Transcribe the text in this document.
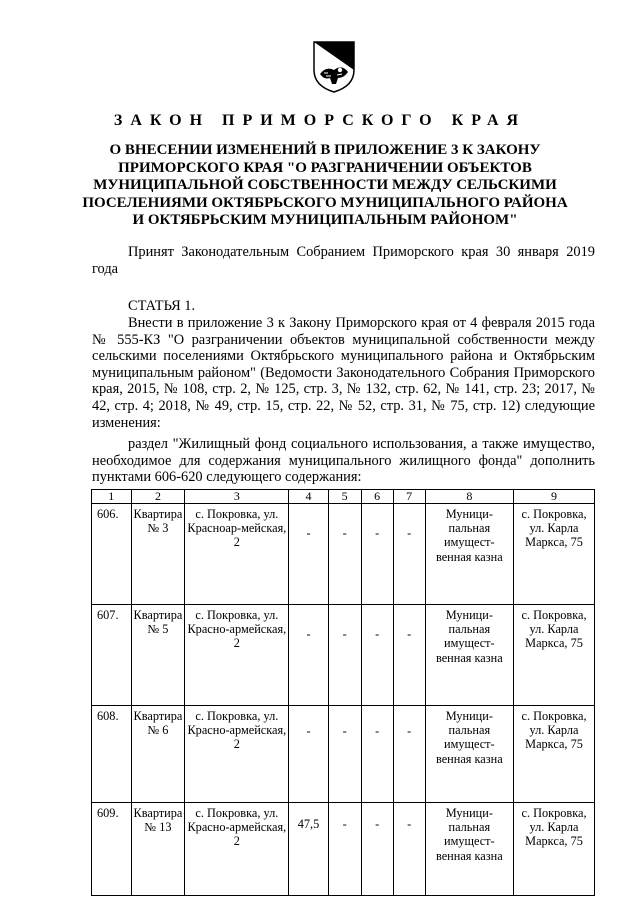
ЗАКОН ПРИМОРСКОГО КРАЯ
О ВНЕСЕНИИ ИЗМЕНЕНИЙ В ПРИЛОЖЕНИЕ 3 К ЗАКОНУ
ПРИМОРСКОГО КРАЯ "О РАЗГРАНИЧЕНИИ ОБЪЕКТОВ
МУНИЦИПАЛЬНОЙ СОБСТВЕННОСТИ МЕЖДУ СЕЛЬСКИМИ
ПОСЕЛЕНИЯМИ ОКТЯБРЬСКОГО МУНИЦИПАЛЬНОГО РАЙОНА
И ОКТЯБРЬСКИМ МУНИЦИПАЛЬНЫМ РАЙОНОМ"
Принят Законодательным Собранием Приморского края 30 января 2019 года
СТАТЬЯ 1.
Внести в приложение 3 к Закону Приморского края от 4 февраля 2015 года № 555-КЗ "О разграничении объектов муниципальной собственности между сельскими поселениями Октябрьского муниципального района и Октябрьским муниципальным районом" (Ведомости Законодательного Собрания Приморского края, 2015, № 108, стр. 2, № 125, стр. 3, № 132, стр. 62, № 141, стр. 23; 2017, № 42, стр. 4; 2018, № 49, стр. 15, стр. 22, № 52, стр. 31, № 75, стр. 12) следующие изменения:
раздел "Жилищный фонд социального использования, а также имущество, необходимое для содержания муниципального жилищного фонда" дополнить пунктами 606-620 следующего содержания:
1	2	3	4	5	6	7	8	9
606.	Квартира № 3	с. Покровка, ул. Красноар-мейская, 2	-	-	-	-	Муници-пальная имущест-венная казна	с. Покровка, ул. Карла Маркса, 75
607.	Квартира № 5	с. Покровка, ул. Красно-армейская, 2	-	-	-	-	Муници-пальная имущест-венная казна	с. Покровка, ул. Карла Маркса, 75
608.	Квартира № 6	с. Покровка, ул. Красно-армейская, 2	-	-	-	-	Муници-пальная имущест-венная казна	с. Покровка, ул. Карла Маркса, 75
609.	Квартира № 13	с. Покровка, ул. Красно-армейская, 2	47,5	-	-	-	Муници-пальная имущест-венная казна	с. Покровка, ул. Карла Маркса, 75
